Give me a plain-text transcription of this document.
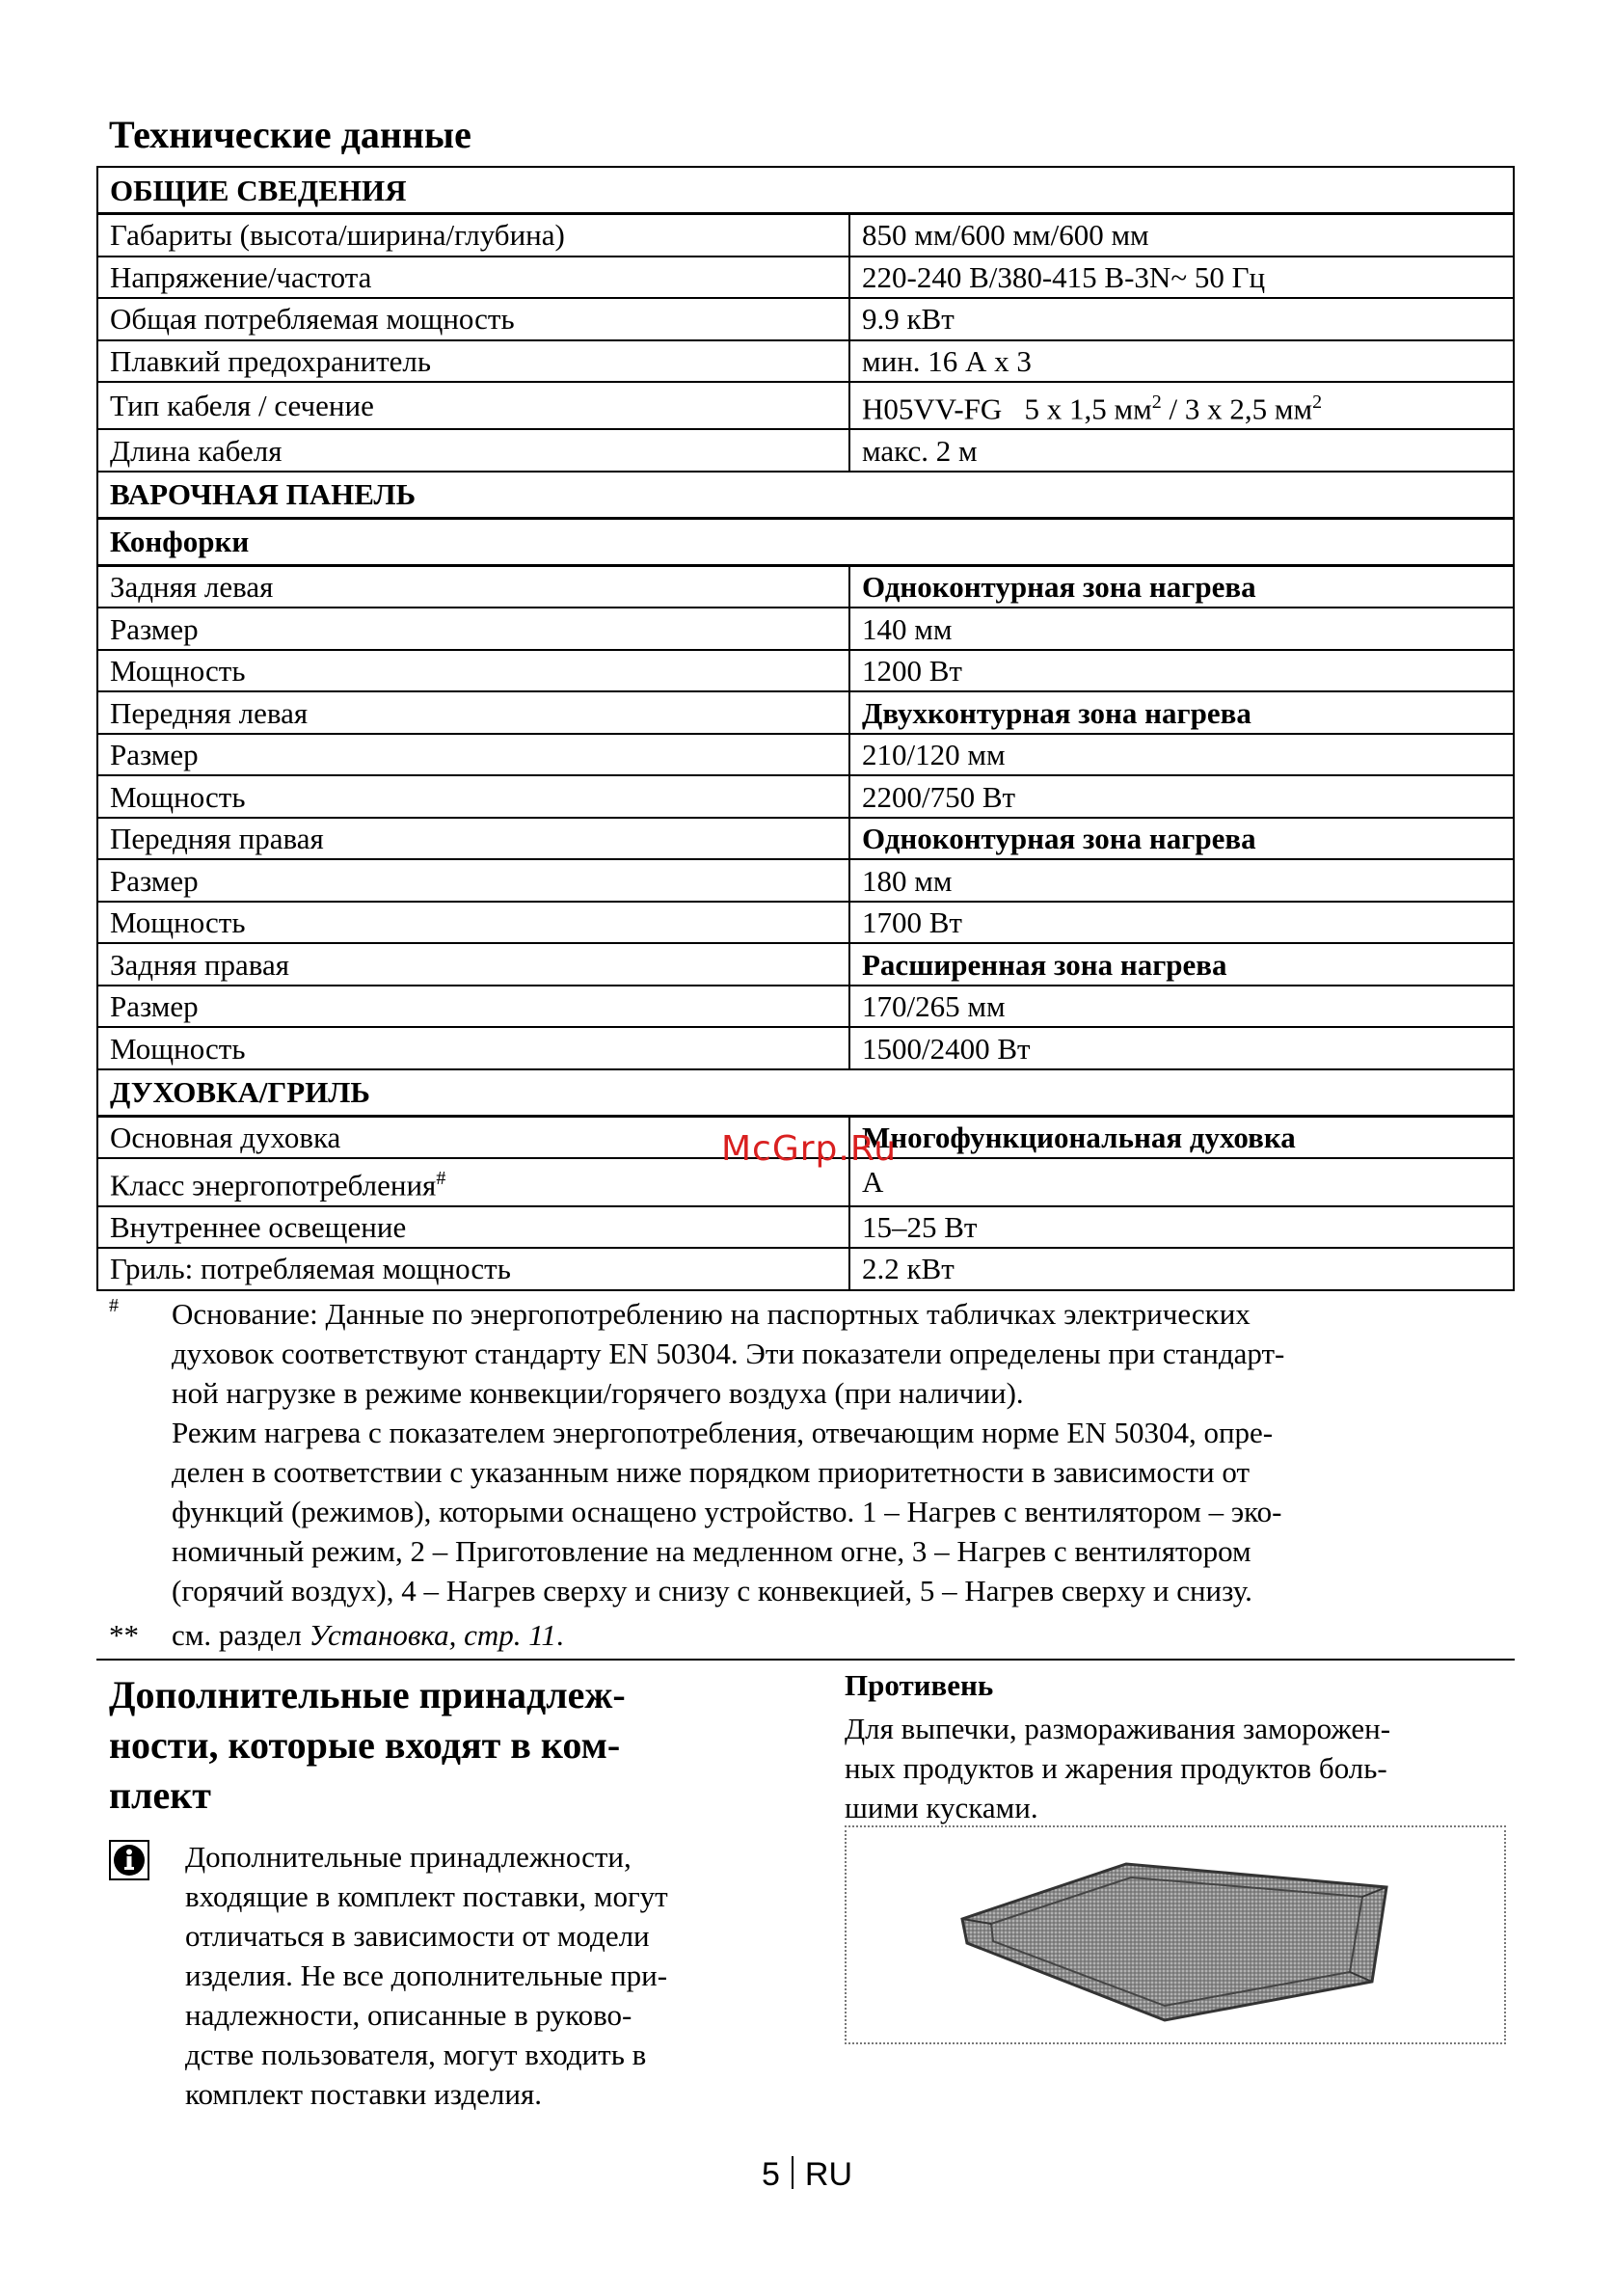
Технические данные
ОБЩИЕ СВЕДЕНИЯ	
Габариты (высота/ширина/глубина)	850 мм/600 мм/600 мм
Напряжение/частота	220-240 В/380-415 В-3N~ 50 Гц
Общая потребляемая мощность	9.9 кВт
Плавкий предохранитель	мин. 16 А х 3
Тип кабеля / сечение	H05VV-FG   5 x 1,5 $мм^2 / 3$ x 2,5 $мм^2$
Длина кабеля	макс. 2 м
ВАРОЧНАЯ ПАНЕЛЬ	
Конфорки	
Задняя левая	Одноконтурная зона нагрева
Размер	140 мм
Мощность	1200 Вт
Передняя левая	Двухконтурная зона нагрева
Размер	210/120 мм
Мощность	2200/750 Вт
Передняя правая	Одноконтурная зона нагрева
Размер	180 мм
Мощность	1700 Вт
Задняя правая	Расширенная зона нагрева
Размер	170/265 мм
Мощность	1500/2400 Вт
ДУХОВКА/ГРИЛЬ	
Основная духовка	Многофункциональная духовка
Класс энергопотребления#	A
Внутреннее освещение	15–25 Вт
Гриль: потребляемая мощность	2.2 кВт
McGrp.Ru
# Основание: Данные по энергопотреблению на паспортных табличках электрических
духовок соответствуют стандарту EN 50304. Эти показатели определены при стандарт-
ной нагрузке в режиме конвекции/горячего воздуха (при наличии).
Режим нагрева с показателем энергопотребления, отвечающим норме EN 50304, опре-
делен в соответствии с указанным ниже порядком приоритетности в зависимости от
функций (режимов), которыми оснащено устройство. 1 – Нагрев с вентилятором – эко-
номичный режим, 2 – Приготовление на медленном огне, 3 – Нагрев с вентилятором
(горячий воздух), 4 – Нагрев сверху и снизу с конвекцией, 5 – Нагрев сверху и снизу.
** см. раздел Установка, стр. 11.
Дополнительные принадлеж-
ности, которые входят в ком-
плект
Дополнительные принадлежности,
входящие в комплект поставки, могут
отличаться в зависимости от модели
изделия. Не все дополнительные при-
надлежности, описанные в руково-
дстве пользователя, могут входить в
комплект поставки изделия.
Противень
Для выпечки, размораживания заморожен-
ных продуктов и жарения продуктов боль-
шими кусками.
5 RU
